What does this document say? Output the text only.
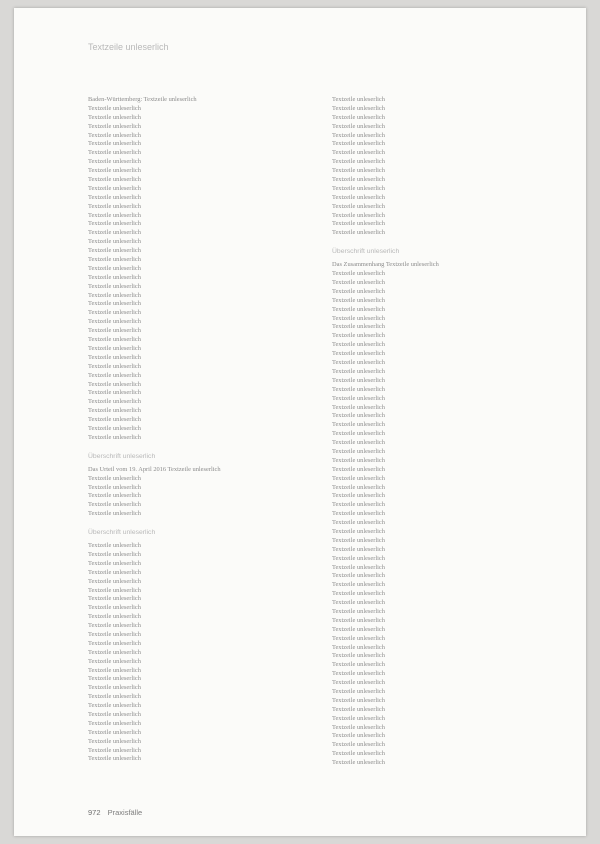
Textzeile unleserlich
Baden-Württemberg: Textzeile unleserlich
Textzeile unleserlich
Textzeile unleserlich
Textzeile unleserlich
Textzeile unleserlich
Textzeile unleserlich
Textzeile unleserlich
Textzeile unleserlich
Textzeile unleserlich
Textzeile unleserlich
Textzeile unleserlich
Textzeile unleserlich
Textzeile unleserlich
Textzeile unleserlich
Textzeile unleserlich
Textzeile unleserlich
Textzeile unleserlich
Textzeile unleserlich
Textzeile unleserlich
Textzeile unleserlich
Textzeile unleserlich
Textzeile unleserlich
Textzeile unleserlich
Textzeile unleserlich
Textzeile unleserlich
Textzeile unleserlich
Textzeile unleserlich
Textzeile unleserlich
Textzeile unleserlich
Textzeile unleserlich
Textzeile unleserlich
Textzeile unleserlich
Textzeile unleserlich
Textzeile unleserlich
Textzeile unleserlich
Textzeile unleserlich
Textzeile unleserlich
Textzeile unleserlich
Textzeile unleserlich
Überschrift unleserlich
Das Urteil vom 19. April 2016 Textzeile unleserlich
Textzeile unleserlich
Textzeile unleserlich
Textzeile unleserlich
Textzeile unleserlich
Textzeile unleserlich
Überschrift unleserlich
Textzeile unleserlich
Textzeile unleserlich
Textzeile unleserlich
Textzeile unleserlich
Textzeile unleserlich
Textzeile unleserlich
Textzeile unleserlich
Textzeile unleserlich
Textzeile unleserlich
Textzeile unleserlich
Textzeile unleserlich
Textzeile unleserlich
Textzeile unleserlich
Textzeile unleserlich
Textzeile unleserlich
Textzeile unleserlich
Textzeile unleserlich
Textzeile unleserlich
Textzeile unleserlich
Textzeile unleserlich
Textzeile unleserlich
Textzeile unleserlich
Textzeile unleserlich
Textzeile unleserlich
Textzeile unleserlich
Textzeile unleserlich
Textzeile unleserlich
Textzeile unleserlich
Textzeile unleserlich
Textzeile unleserlich
Textzeile unleserlich
Textzeile unleserlich
Textzeile unleserlich
Textzeile unleserlich
Textzeile unleserlich
Textzeile unleserlich
Textzeile unleserlich
Textzeile unleserlich
Textzeile unleserlich
Textzeile unleserlich
Textzeile unleserlich
Überschrift unleserlich
Das Zusammenhang Textzeile unleserlich
Textzeile unleserlich
Textzeile unleserlich
Textzeile unleserlich
Textzeile unleserlich
Textzeile unleserlich
Textzeile unleserlich
Textzeile unleserlich
Textzeile unleserlich
Textzeile unleserlich
Textzeile unleserlich
Textzeile unleserlich
Textzeile unleserlich
Textzeile unleserlich
Textzeile unleserlich
Textzeile unleserlich
Textzeile unleserlich
Textzeile unleserlich
Textzeile unleserlich
Textzeile unleserlich
Textzeile unleserlich
Textzeile unleserlich
Textzeile unleserlich
Textzeile unleserlich
Textzeile unleserlich
Textzeile unleserlich
Textzeile unleserlich
Textzeile unleserlich
Textzeile unleserlich
Textzeile unleserlich
Textzeile unleserlich
Textzeile unleserlich
Textzeile unleserlich
Textzeile unleserlich
Textzeile unleserlich
Textzeile unleserlich
Textzeile unleserlich
Textzeile unleserlich
Textzeile unleserlich
Textzeile unleserlich
Textzeile unleserlich
Textzeile unleserlich
Textzeile unleserlich
Textzeile unleserlich
Textzeile unleserlich
Textzeile unleserlich
Textzeile unleserlich
Textzeile unleserlich
Textzeile unleserlich
Textzeile unleserlich
Textzeile unleserlich
Textzeile unleserlich
Textzeile unleserlich
Textzeile unleserlich
Textzeile unleserlich
Textzeile unleserlich
Textzeile unleserlich
972 Praxisfälle
